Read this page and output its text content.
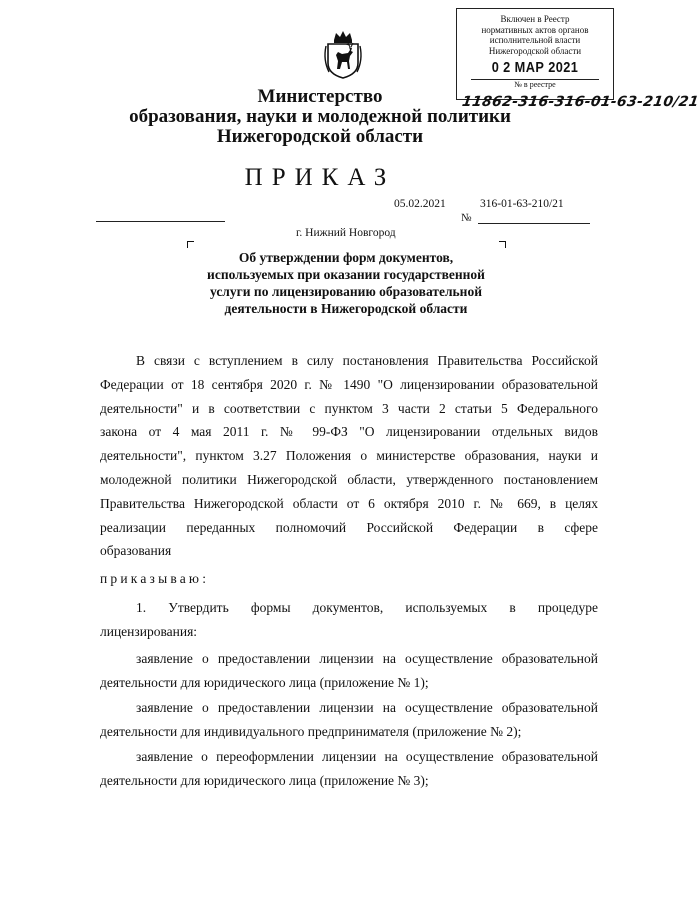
Включен в Реестр
нормативных актов органов
исполнительной власти
Нижегородской области
0 2 МАР 2021
№ в реестре
11862-316-316-01-63-210/21
Министерство
образования, науки и молодежной политики
Нижегородской области
ПРИКАЗ
05.02.2021	316-01-63-210/21
№
г. Нижний Новгород
Об утверждении форм документов,
используемых при оказании государственной
услуги по лицензированию образовательной
деятельности в Нижегородской области
В связи с вступлением в силу постановления Правительства Российской
Федерации от 18 сентября 2020 г. № 1490 "О лицензировании образовательной
деятельности" и в соответствии с пунктом 3 части 2 статьи 5 Федерального
закона от 4 мая 2011 г. № 99-ФЗ "О лицензировании отдельных видов
деятельности", пунктом 3.27 Положения о министерстве образования, науки и
молодежной политики Нижегородской области, утвержденного постановлением
Правительства Нижегородской области от 6 октября 2010 г. № 669, в целях
реализации переданных полномочий Российской Федерации в сфере
образования
приказываю:
1. Утвердить формы документов, используемых в процедуре
лицензирования:
заявление о предоставлении лицензии на осуществление образовательной
деятельности для юридического лица (приложение № 1);
заявление о предоставлении лицензии на осуществление образовательной
деятельности для индивидуального предпринимателя (приложение № 2);
заявление о переоформлении лицензии на осуществление образовательной
деятельности для юридического лица (приложение № 3);
